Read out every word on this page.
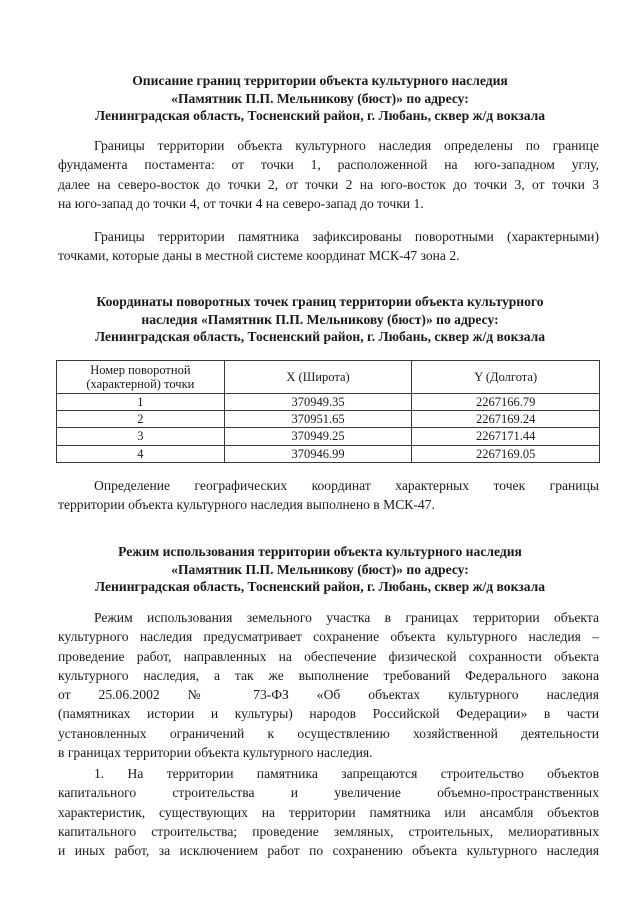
Описание границ территории объекта культурного наследия
«Памятник П.П. Мельникову (бюст)» по адресу:
Ленинградская область, Тосненский район, г. Любань, сквер ж/д вокзала
Границы территории объекта культурного наследия определены по границе
фундамента постамента: от точки 1, расположенной на юго-западном углу,
далее на северо-восток до точки 2, от точки 2 на юго-восток до точки 3, от точки 3
на юго-запад до точки 4, от точки 4 на северо-запад до точки 1.
Границы территории памятника зафиксированы поворотными (характерными)
точками, которые даны в местной системе координат МСК-47 зона 2.
Координаты поворотных точек границ территории объекта культурного
наследия «Памятник П.П. Мельникову (бюст)» по адресу:
Ленинградская область, Тосненский район, г. Любань, сквер ж/д вокзала
Номер поворотной (характерной) точки	X (Широта)	Y (Долгота)
1	370949.35	2267166.79
2	370951.65	2267169.24
3	370949.25	2267171.44
4	370946.99	2267169.05
Определение географических координат характерных точек границы
территории объекта культурного наследия выполнено в МСК-47.
Режим использования территории объекта культурного наследия
«Памятник П.П. Мельникову (бюст)» по адресу:
Ленинградская область, Тосненский район, г. Любань, сквер ж/д вокзала
Режим использования земельного участка в границах территории объекта
культурного наследия предусматривает сохранение объекта культурного наследия –
проведение работ, направленных на обеспечение физической сохранности объекта
культурного наследия, а так же выполнение требований Федерального закона
от 25.06.2002 № 73-ФЗ «Об объектах культурного наследия
(памятниках истории и культуры) народов Российской Федерации» в части
установленных ограничений к осуществлению хозяйственной деятельности
в границах территории объекта культурного наследия.
1. На территории памятника запрещаются строительство объектов
капитального строительства и увеличение объемно-пространственных
характеристик, существующих на территории памятника или ансамбля объектов
капитального строительства; проведение земляных, строительных, мелиоративных
и иных работ, за исключением работ по сохранению объекта культурного наследия
